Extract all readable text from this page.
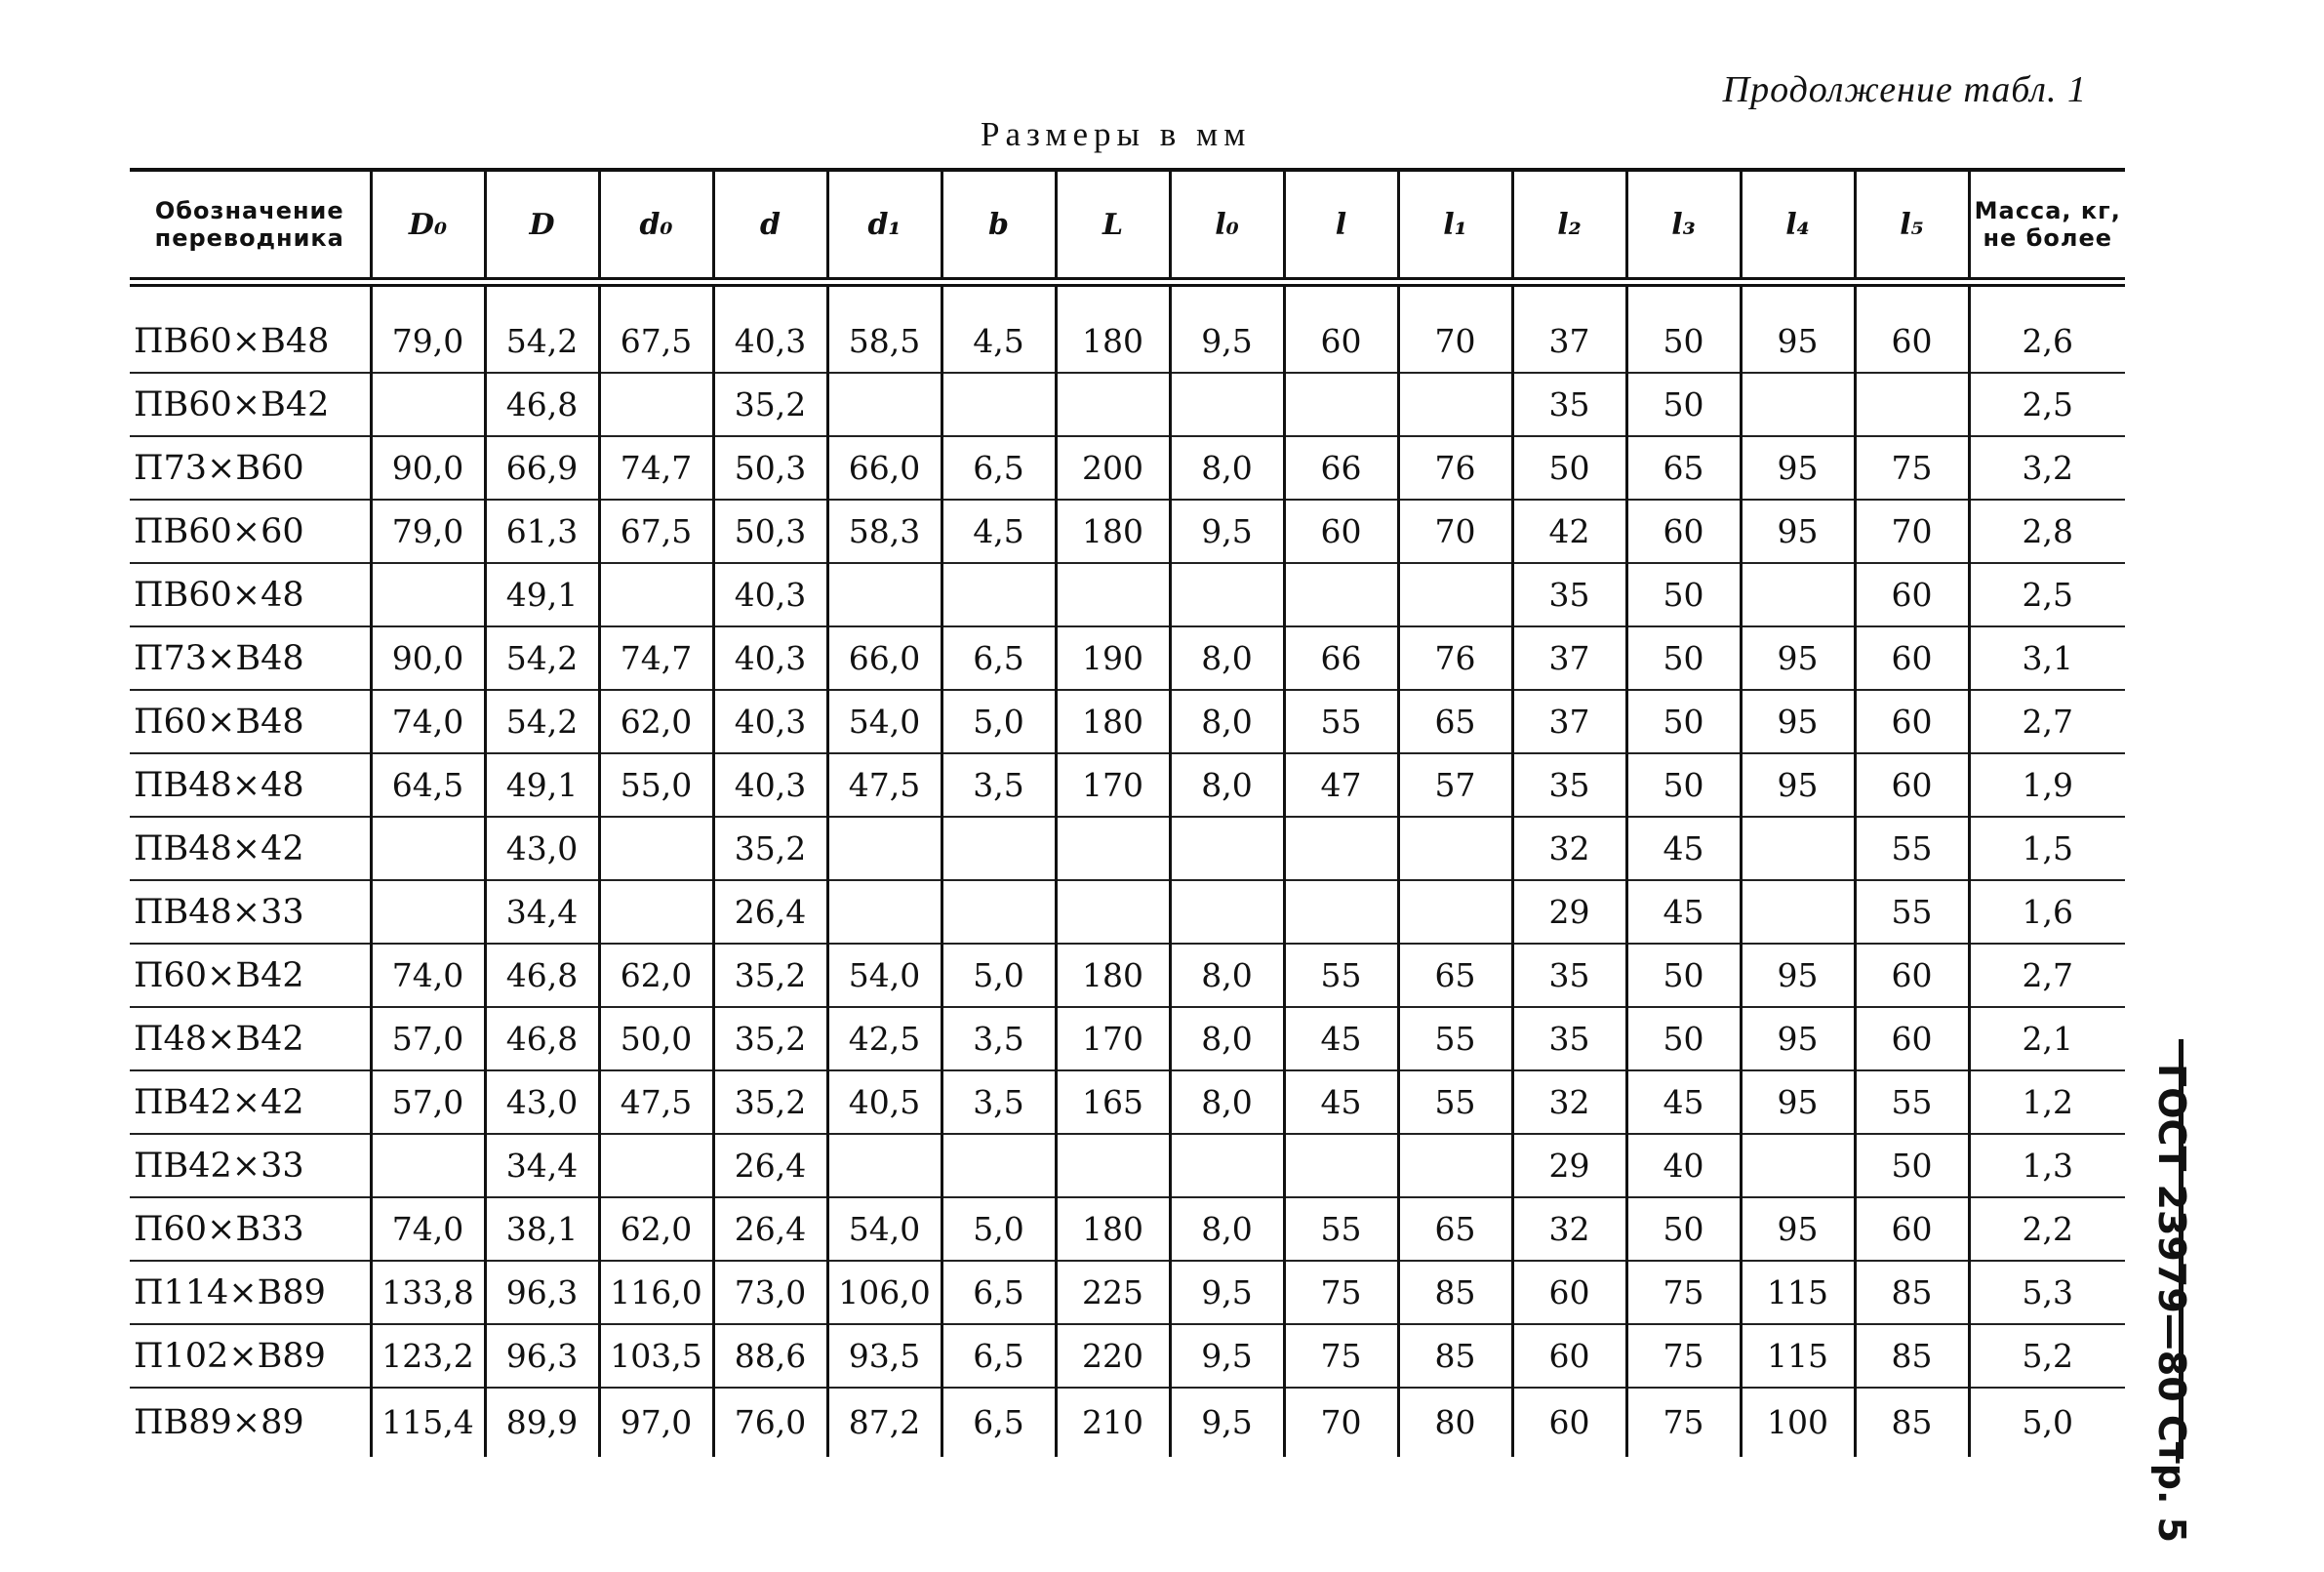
Продолжение табл. 1
Размеры в мм
Обозначение переводника	D₀	D	d₀	d	d₁	b	L	l₀	l	l₁	l₂	l₃	l₄	l₅	Масса, кг, не более

ПВ60×В48	79,0	54,2	67,5	40,3	58,5	4,5	180	9,5	60	70	37	50	95	60	2,6
ПВ60×В42		46,8		35,2							35	50			2,5
П73×В60	90,0	66,9	74,7	50,3	66,0	6,5	200	8,0	66	76	50	65	95	75	3,2
ПВ60×60	79,0	61,3	67,5	50,3	58,3	4,5	180	9,5	60	70	42	60	95	70	2,8
ПВ60×48		49,1		40,3							35	50		60	2,5
П73×В48	90,0	54,2	74,7	40,3	66,0	6,5	190	8,0	66	76	37	50	95	60	3,1
П60×В48	74,0	54,2	62,0	40,3	54,0	5,0	180	8,0	55	65	37	50	95	60	2,7
ПВ48×48	64,5	49,1	55,0	40,3	47,5	3,5	170	8,0	47	57	35	50	95	60	1,9
ПВ48×42		43,0		35,2							32	45		55	1,5
ПВ48×33		34,4		26,4							29	45		55	1,6
П60×В42	74,0	46,8	62,0	35,2	54,0	5,0	180	8,0	55	65	35	50	95	60	2,7
П48×В42	57,0	46,8	50,0	35,2	42,5	3,5	170	8,0	45	55	35	50	95	60	2,1
ПВ42×42	57,0	43,0	47,5	35,2	40,5	3,5	165	8,0	45	55	32	45	95	55	1,2
ПВ42×33		34,4		26,4							29	40		50	1,3
П60×В33	74,0	38,1	62,0	26,4	54,0	5,0	180	8,0	55	65	32	50	95	60	2,2
П114×В89	133,8	96,3	116,0	73,0	106,0	6,5	225	9,5	75	85	60	75	115	85	5,3
П102×В89	123,2	96,3	103,5	88,6	93,5	6,5	220	9,5	75	85	60	75	115	85	5,2
ПВ89×89	115,4	89,9	97,0	76,0	87,2	6,5	210	9,5	70	80	60	75	100	85	5,0 ГОСТ 23979—80 Стр. 5
